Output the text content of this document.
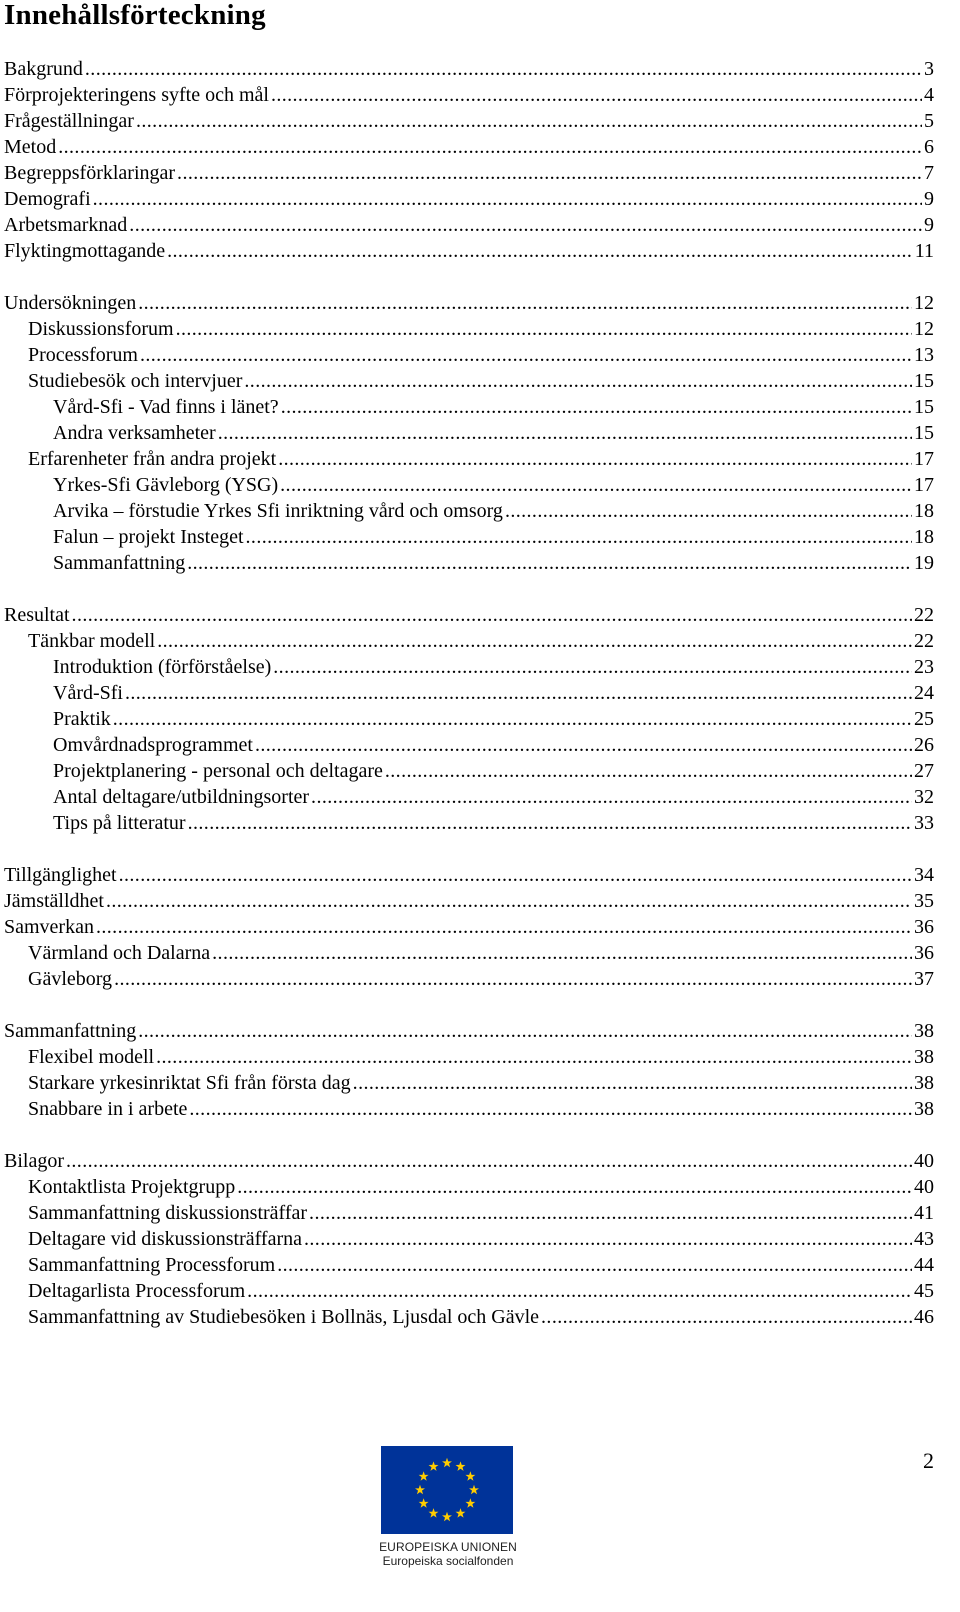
Innehållsförteckning
Bakgrund .....	3
Förprojekteringens syfte och mål .....	4
Frågeställningar .....	5
Metod .....	6
Begreppsförklaringar .....	7
Demografi .....	9
Arbetsmarknad .....	9
Flyktingmottagande .....	11
Undersökningen .....	12
Diskussionsforum .....	12
Processforum .....	13
Studiebesök och intervjuer .....	15
Vård-Sfi - Vad finns i länet? .....	15
Andra verksamheter .....	15
Erfarenheter från andra projekt .....	17
Yrkes-Sfi Gävleborg (YSG) .....	17
Arvika – förstudie Yrkes Sfi inriktning vård och omsorg .....	18
Falun – projekt Insteget .....	18
Sammanfattning .....	19
Resultat .....	22
Tänkbar modell .....	22
Introduktion (förförståelse) .....	23
Vård-Sfi .....	24
Praktik .....	25
Omvårdnadsprogrammet .....	26
Projektplanering - personal och deltagare .....	27
Antal deltagare/utbildningsorter .....	32
Tips på litteratur .....	33
Tillgänglighet .....	34
Jämställdhet .....	35
Samverkan .....	36
Värmland och Dalarna .....	36
Gävleborg .....	37
Sammanfattning .....	38
Flexibel modell .....	38
Starkare yrkesinriktat Sfi från första dag .....	38
Snabbare in i arbete .....	38
Bilagor .....	40
Kontaktlista Projektgrupp .....	40
Sammanfattning diskussionsträffar .....	41
Deltagare vid diskussionsträffarna .....	43
Sammanfattning Processforum .....	44
Deltagarlista Processforum .....	45
Sammanfattning av Studiebesöken i Bollnäs, Ljusdal och Gävle .....	46
2
EUROPEISKA UNIONEN
Europeiska socialfonden
